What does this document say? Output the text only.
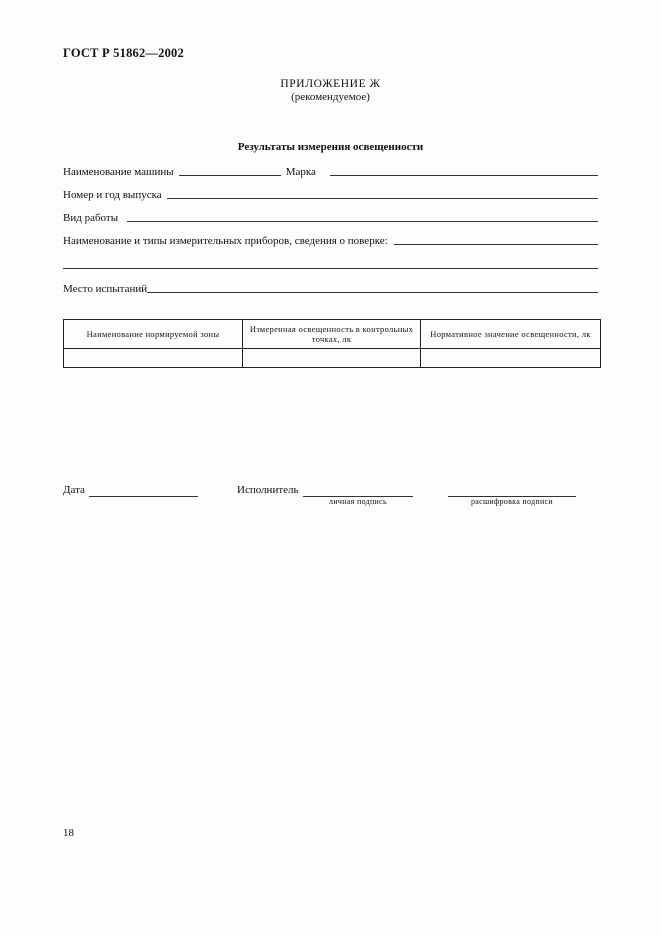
ГОСТ Р 51862—2002
ПРИЛОЖЕНИЕ Ж
(рекомендуемое)
Результаты измерения освещенности
Наименование машины	Марка
Номер и год выпуска
Вид работы
Наименование и типы измерительных приборов, сведения о поверке:
Место испытаний
Наименование нормируемой зоны	Измеренная освещенность в контрольных точках, лк	Нормативное значение освещенности, лк

Дата	Исполнитель
личная подпись	расшифровка подписи
18
